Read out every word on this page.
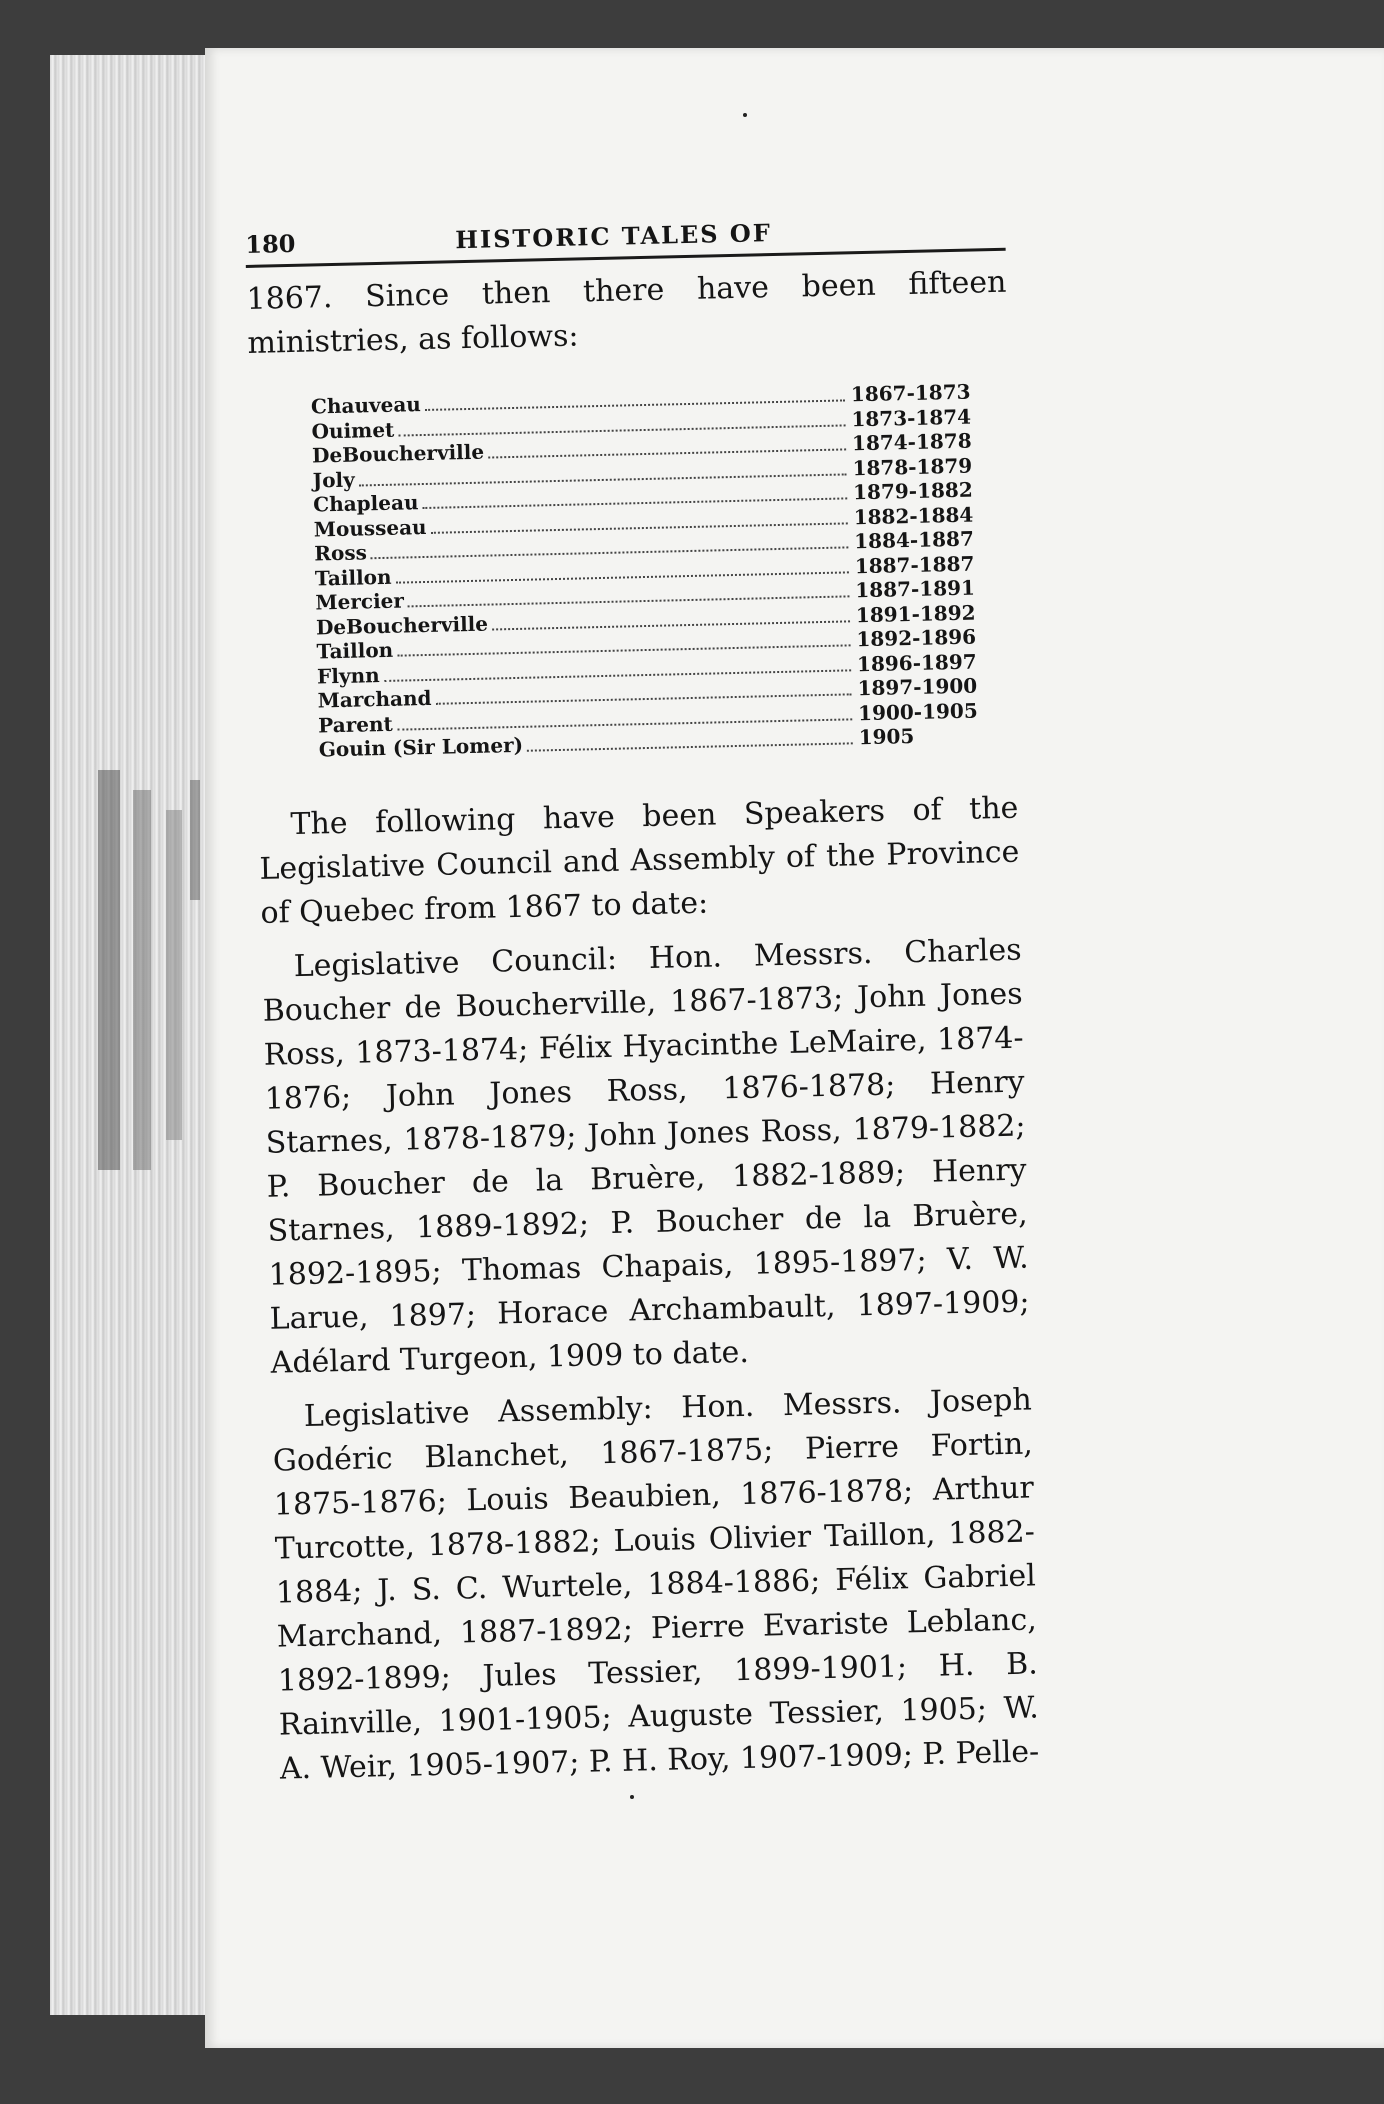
180	HISTORIC TALES OF

1867. Since then there have been fifteen ministries, as follows:

Chauveau	1867-1873
Ouimet	1873-1874
DeBoucherville	1874-1878
Joly	1878-1879
Chapleau	1879-1882
Mousseau	1882-1884
Ross	1884-1887
Taillon	1887-1887
Mercier	1887-1891
DeBoucherville	1891-1892
Taillon	1892-1896
Flynn	1896-1897
Marchand	1897-1900
Parent	1900-1905
Gouin (Sir Lomer)	1905

The following have been Speakers of the Legislative Council and Assembly of the Province of Quebec from 1867 to date:

Legislative Council: Hon. Messrs. Charles Boucher de Boucherville, 1867-1873; John Jones Ross, 1873-1874; Félix Hyacinthe LeMaire, 1874-1876; John Jones Ross, 1876-1878; Henry Starnes, 1878-1879; John Jones Ross, 1879-1882; P. Boucher de la Bruère, 1882-1889; Henry Starnes, 1889-1892; P. Boucher de la Bruère, 1892-1895; Thomas Chapais, 1895-1897; V. W. Larue, 1897; Horace Archambault, 1897-1909; Adélard Turgeon, 1909 to date.

Legislative Assembly: Hon. Messrs. Joseph Godéric Blanchet, 1867-1875; Pierre Fortin, 1875-1876; Louis Beaubien, 1876-1878; Arthur Turcotte, 1878-1882; Louis Olivier Taillon, 1882-1884; J. S. C. Wurtele, 1884-1886; Félix Gabriel Marchand, 1887-1892; Pierre Evariste Leblanc, 1892-1899; Jules Tessier, 1899-1901; H. B. Rainville, 1901-1905; Auguste Tessier, 1905; W. A. Weir, 1905-1907; P. H. Roy, 1907-1909; P. Pelle-
